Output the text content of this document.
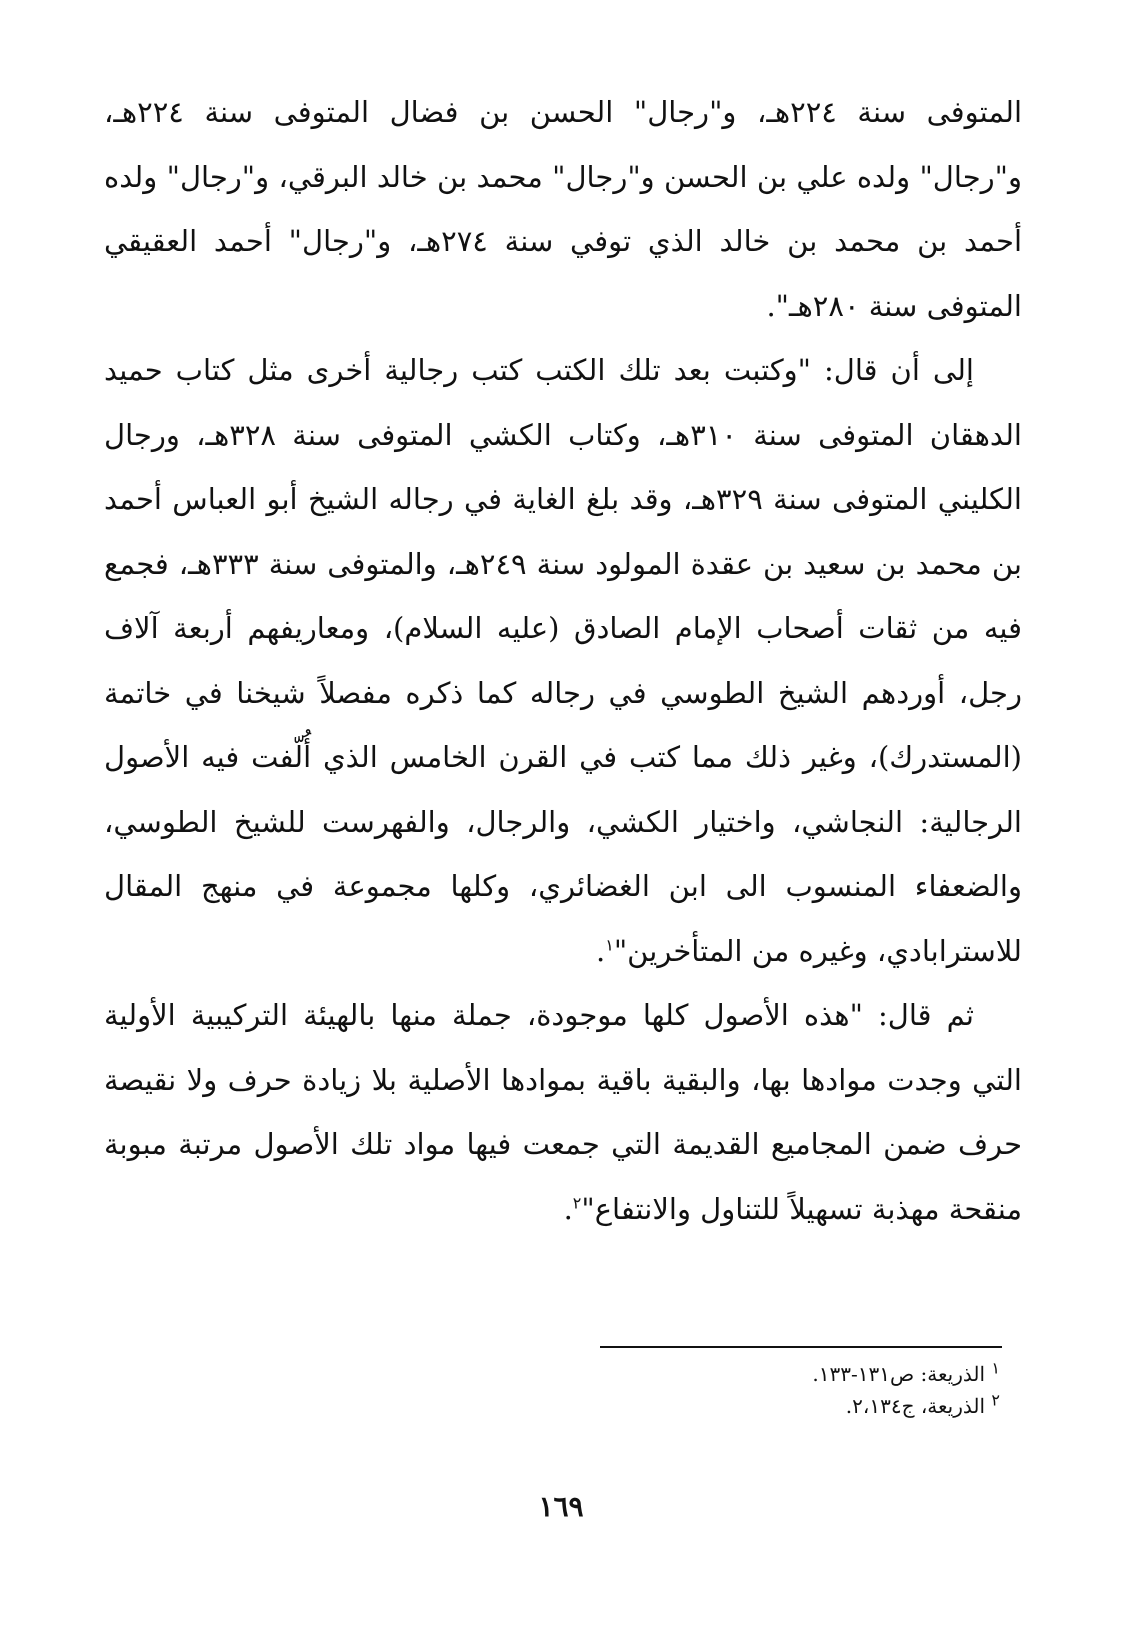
المتوفى سنة ٢٢٤هـ، و"رجال" الحسن بن فضال المتوفى سنة ٢٢٤هـ، و"رجال" ولده علي بن الحسن و"رجال" محمد بن خالد البرقي، و"رجال" ولده أحمد بن محمد بن خالد الذي توفي سنة ٢٧٤هـ، و"رجال" أحمد العقيقي المتوفى سنة ٢٨٠هـ".

إلى أن قال: "وكتبت بعد تلك الكتب كتب رجالية أخرى مثل كتاب حميد الدهقان المتوفى سنة ٣١٠هـ، وكتاب الكشي المتوفى سنة ٣٢٨هـ، ورجال الكليني المتوفى سنة ٣٢٩هـ، وقد بلغ الغاية في رجاله الشيخ أبو العباس أحمد بن محمد بن سعيد بن عقدة المولود سنة ٢٤٩هـ، والمتوفى سنة ٣٣٣هـ، فجمع فيه من ثقات أصحاب الإمام الصادق (عليه السلام)، ومعاريفهم أربعة آلاف رجل، أوردهم الشيخ الطوسي في رجاله كما ذكره مفصلاً شيخنا في خاتمة (المستدرك)، وغير ذلك مما كتب في القرن الخامس الذي أُلّفت فيه الأصول الرجالية: النجاشي، واختيار الكشي، والرجال، والفهرست للشيخ الطوسي، والضعفاء المنسوب الى ابن الغضائري، وكلها مجموعة في منهج المقال للاسترابادي، وغيره من المتأخرين"$^١$.

ثم قال: "هذه الأصول كلها موجودة، جملة منها بالهيئة التركيبية الأولية التي وجدت موادها بها، والبقية باقية بموادها الأصلية بلا زيادة حرف ولا نقيصة حرف ضمن المجاميع القديمة التي جمعت فيها مواد تلك الأصول مرتبة مبوبة منقحة مهذبة تسهيلاً للتناول والانتفاع"$^٢$.

$^١$ الذريعة: ص١٣١-١٣٣.

$^٢$ الذريعة، ج٢،١٣٤.

١٦٩
